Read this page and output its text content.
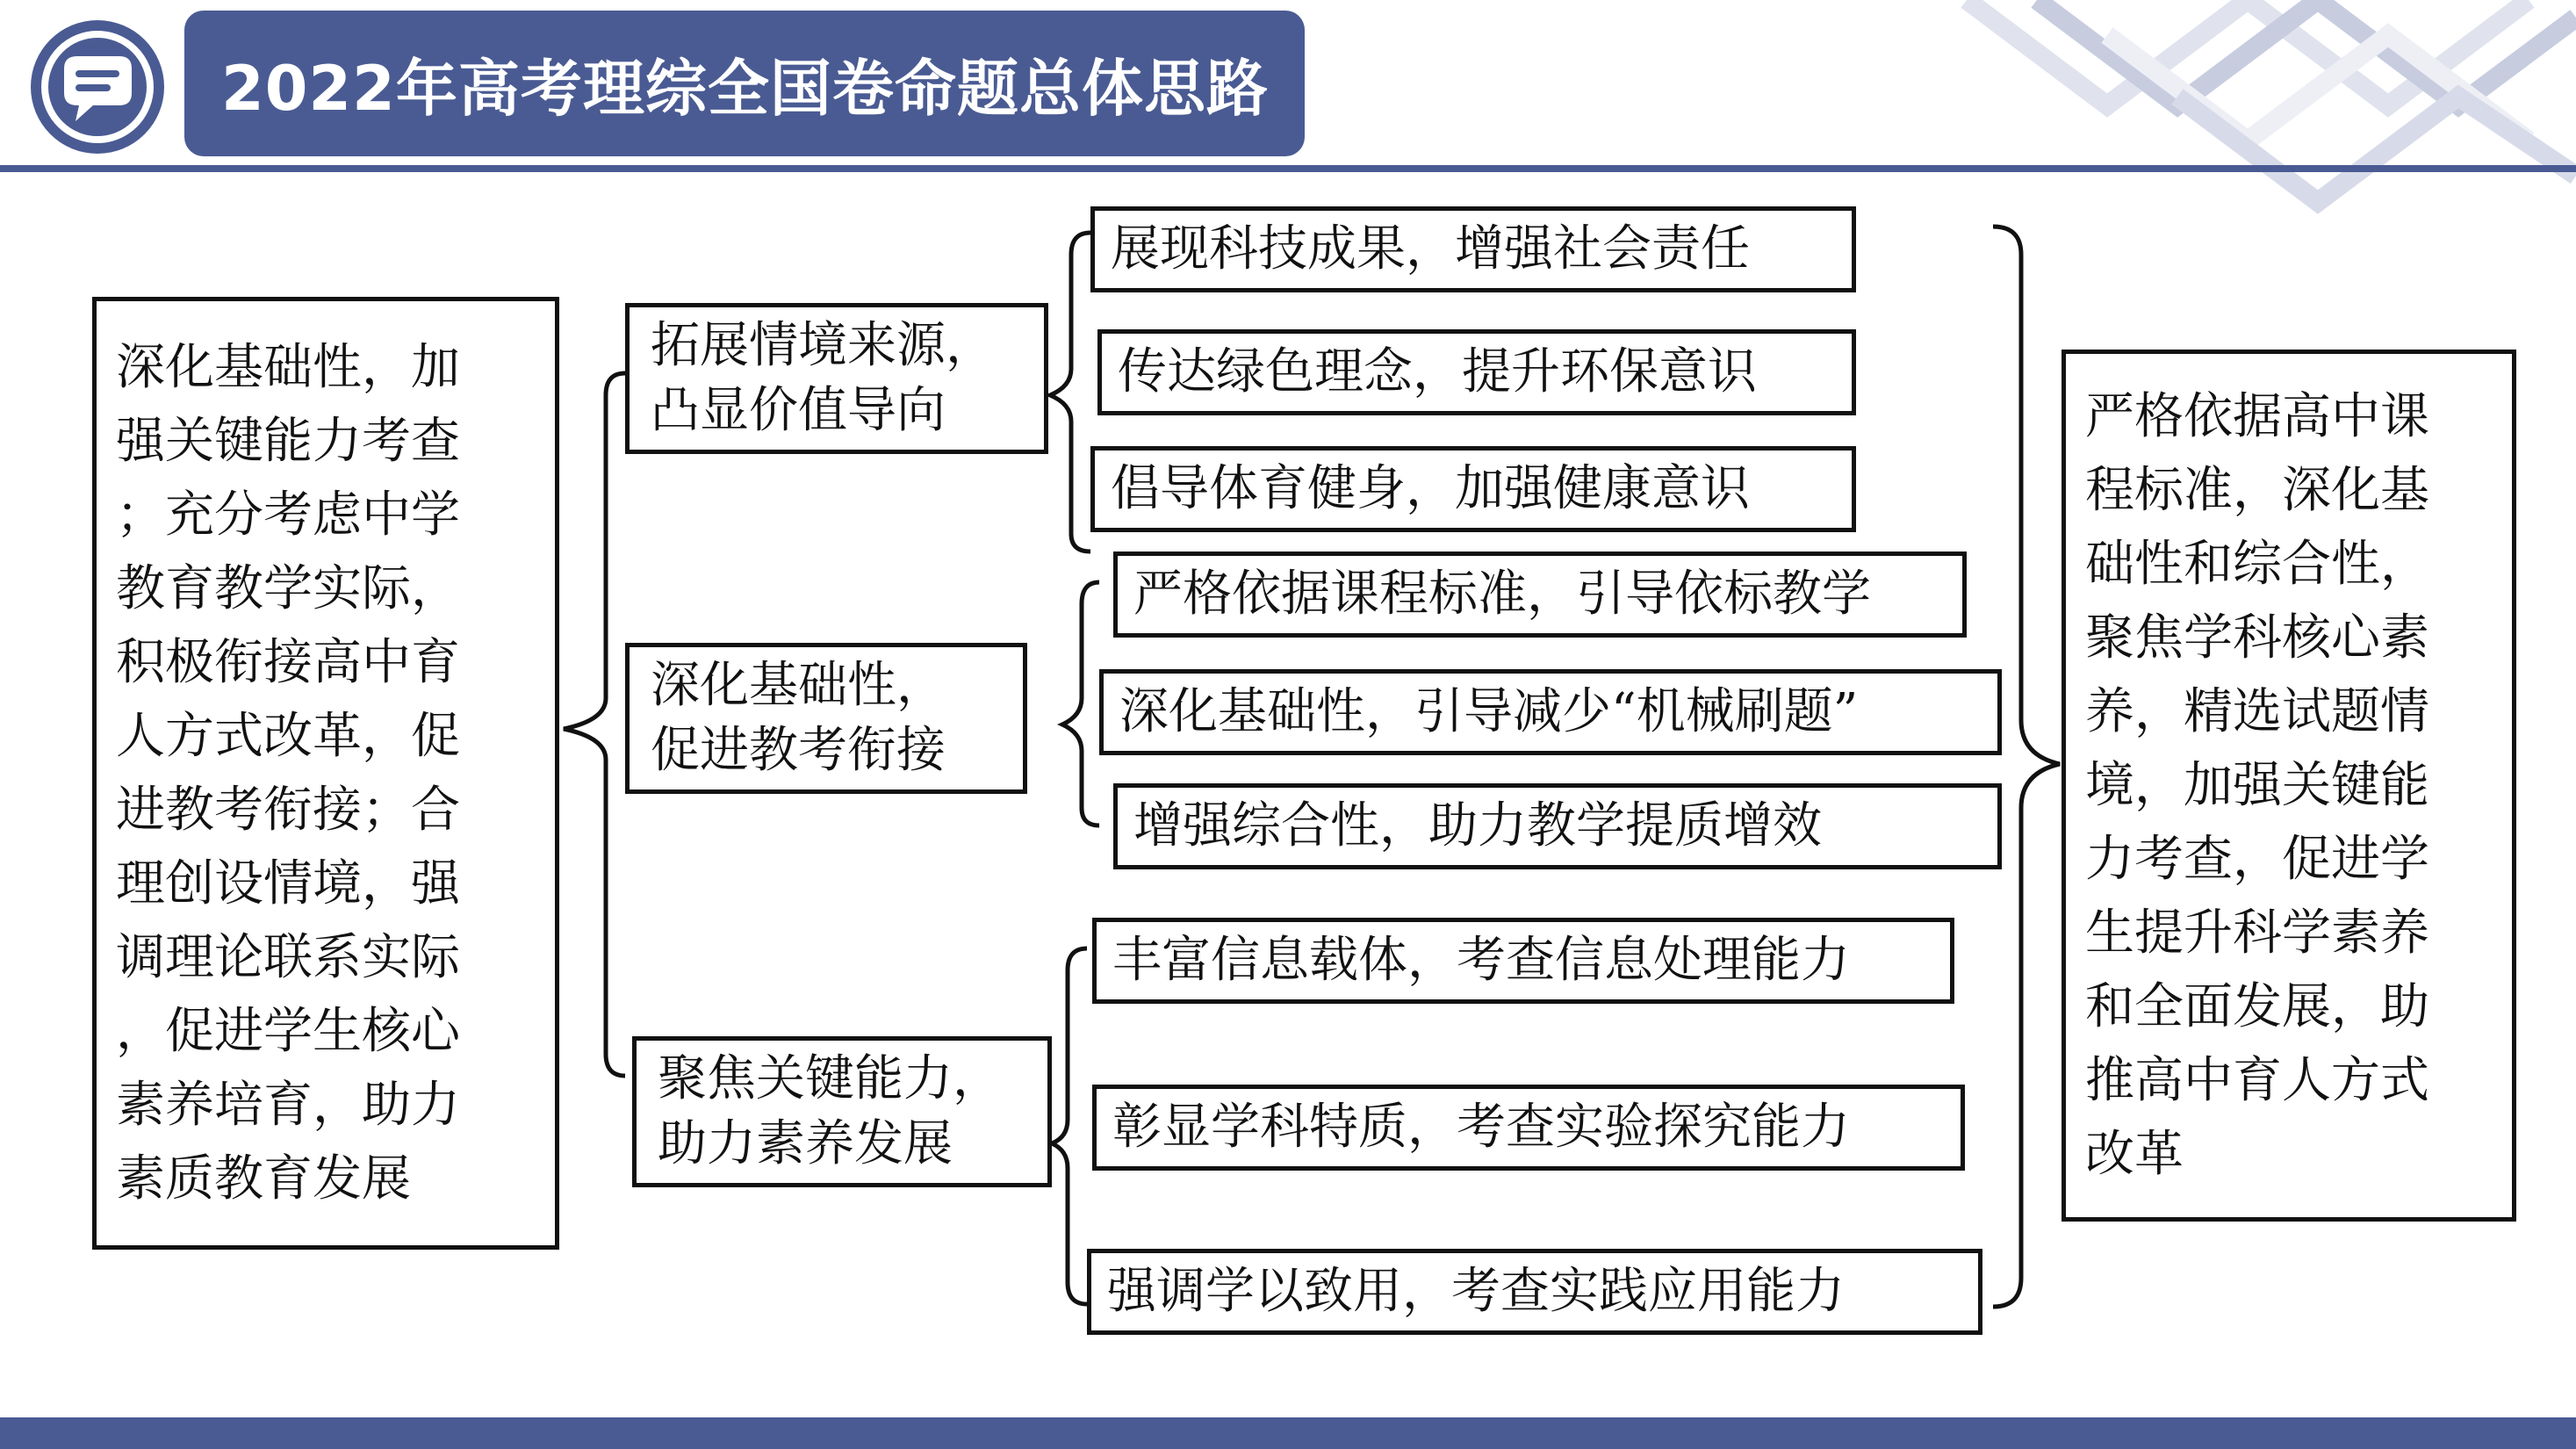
2022年高考理综全国卷命题总体思路
深化基础性，加
强关键能力考查
；充分考虑中学
教育教学实际，
积极衔接高中育
人方式改革，促
进教考衔接；合
理创设情境，强
调理论联系实际
，促进学生核心
素养培育，助力
素质教育发展
拓展情境来源，
凸显价值导向
深化基础性，
促进教考衔接
聚焦关键能力，
助力素养发展
展现科技成果，增强社会责任
传达绿色理念，提升环保意识
倡导体育健身，加强健康意识
严格依据课程标准，引导依标教学
深化基础性，引导减少“机械刷题”
增强综合性，助力教学提质增效
丰富信息载体，考查信息处理能力
彰显学科特质，考查实验探究能力
强调学以致用，考查实践应用能力
严格依据高中课
程标准，深化基
础性和综合性，
聚焦学科核心素
养，精选试题情
境，加强关键能
力考查，促进学
生提升科学素养
和全面发展，助
推高中育人方式
改革
